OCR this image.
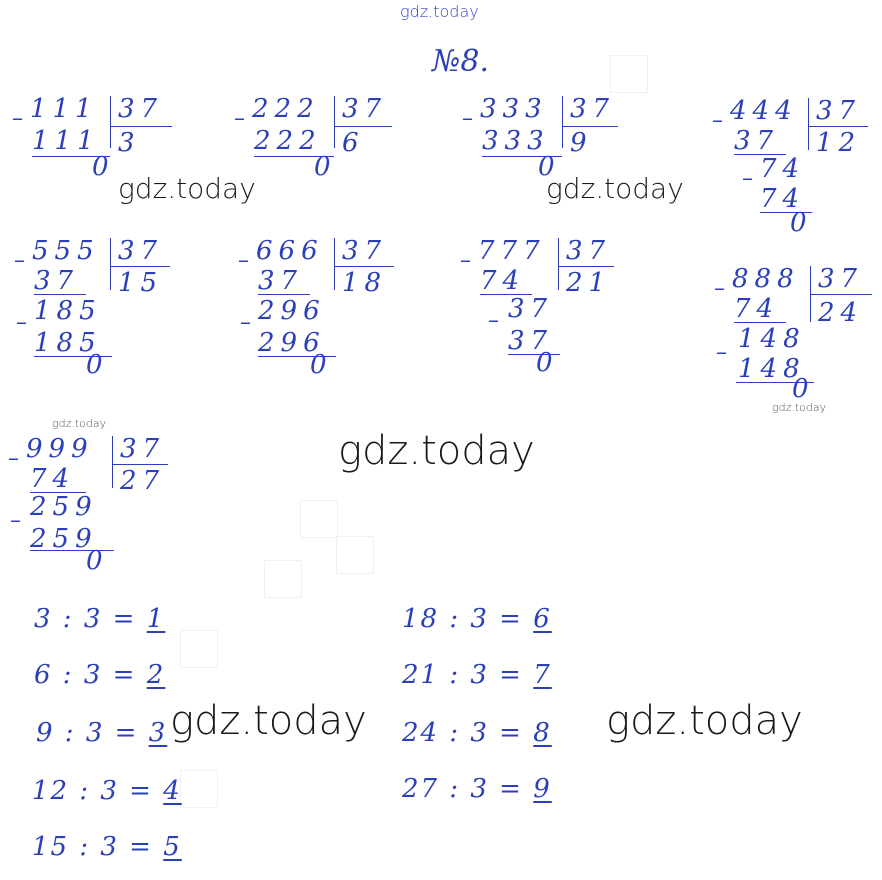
gdz.today
gdz.today	gdz.today
gdz.today
gdz.today
gdz.today
gdz.today	gdz.today
№8.
– 111 37
3
111
0
– 222 37
6
222
0
– 333 37
9
333
0
– 444 37
12
37
– 74
74
0
– 555 37
15
37
– 185
185
0
– 666 37
18
37
– 296
296
0
– 777 37
21
74
– 37
37
0
– 888 37
24
74
– 148
148
0
– 999 37
27
74
– 259
259
0
3 : 3 = 1
6 : 3 = 2
9 : 3 = 3
12 : 3 = 4
15 : 3 = 5
18 : 3 = 6
21 : 3 = 7
24 : 3 = 8
27 : 3 = 9
